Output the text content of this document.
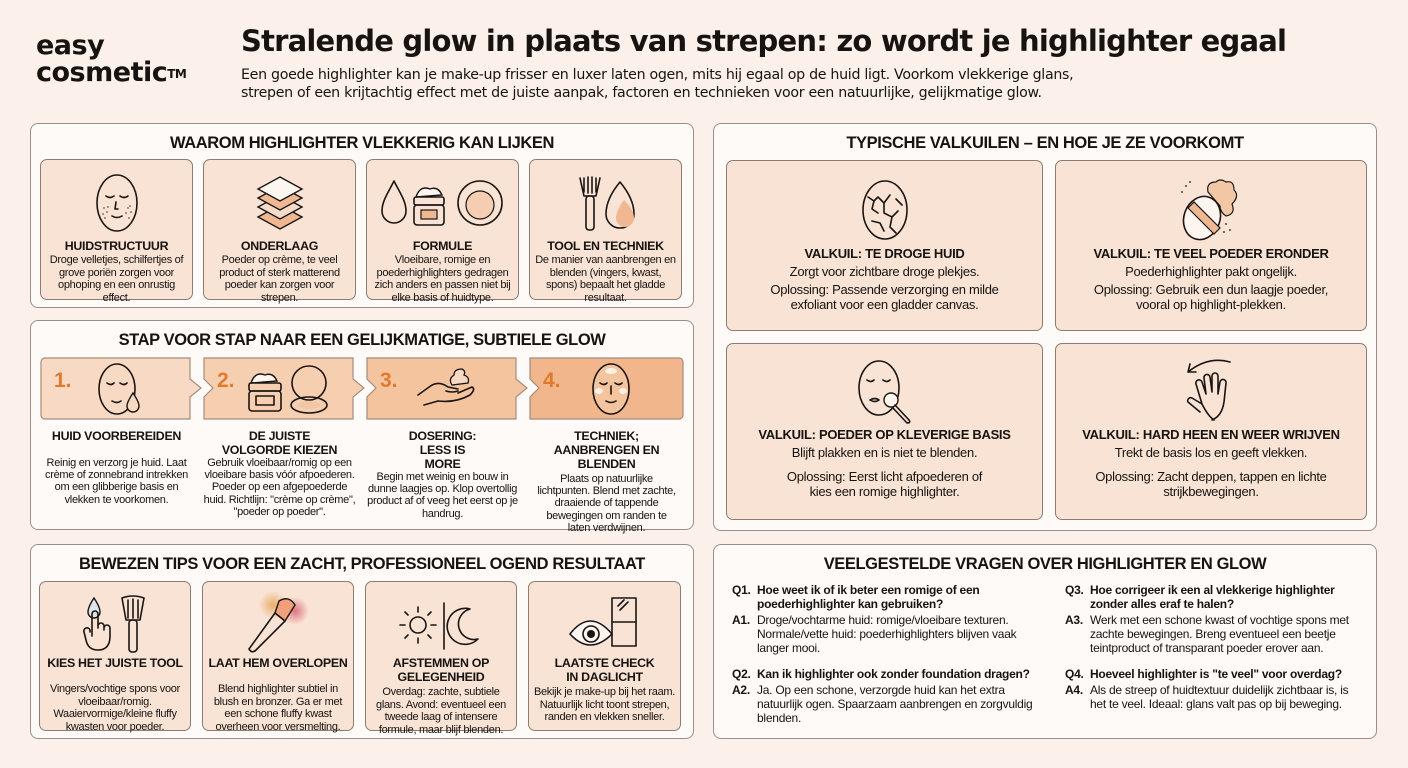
easy
cosmetic™
Stralende glow in plaats van strepen: zo wordt je highlighter egaal
Een goede highlighter kan je make-up frisser en luxer laten ogen, mits hij egaal op de huid ligt. Voorkom vlekkerige glans,
strepen of een krijtachtig effect met de juiste aanpak, factoren en technieken voor een natuurlijke, gelijkmatige glow.
WAAROM HIGHLIGHTER VLEKKERIG KAN LIJKEN
HUIDSTRUCTUUR
Droge velletjes, schilfertjes of grove poriën zorgen voor ophoping en een onrustig effect.
ONDERLAAG
Poeder op crème, te veel product of sterk matterend poeder kan zorgen voor strepen.
FORMULE
Vloeibare, romige en poederhighlighters gedragen zich anders en passen niet bij elke basis of huidtype.
TOOL EN TECHNIEK
De manier van aanbrengen en blenden (vingers, kwast, spons) bepaalt het gladde resultaat.
STAP VOOR STAP NAAR EEN GELIJKMATIGE, SUBTIELE GLOW
1.	2.	3.	4.
HUID VOORBEREIDEN
Reinig en verzorg je huid. Laat crème of zonnebrand intrekken om een glibberige basis en vlekken te voorkomen.
DE JUISTE VOLGORDE KIEZEN
Gebruik vloeibaar/romig op een vloeibare basis vóór afpoederen. Poeder op een afgepoederde huid. Richtlijn: "crème op crème", "poeder op poeder".
DOSERING: LESS IS MORE
Begin met weinig en bouw in dunne laagjes op. Klop overtollig product af of veeg het eerst op je handrug.
TECHNIEK; AANBRENGEN EN BLENDEN
Plaats op natuurlijke lichtpunten. Blend met zachte, draaiende of tappende bewegingen om randen te laten verdwijnen.
BEWEZEN TIPS VOOR EEN ZACHT, PROFESSIONEEL OGEND RESULTAAT
KIES HET JUISTE TOOL
Vingers/vochtige spons voor vloeibaar/romig. Waaiervormige/kleine fluffy kwasten voor poeder.
LAAT HEM OVERLOPEN
Blend highlighter subtiel in blush en bronzer. Ga er met een schone fluffy kwast overheen voor versmelting.
AFSTEMMEN OP GELEGENHEID
Overdag: zachte, subtiele glans. Avond: eventueel een tweede laag of intensere formule, maar blijf blenden.
LAATSTE CHECK IN DAGLICHT
Bekijk je make-up bij het raam. Natuurlijk licht toont strepen, randen en vlekken sneller.
TYPISCHE VALKUILEN – EN HOE JE ZE VOORKOMT
VALKUIL: TE DROGE HUID
Zorgt voor zichtbare droge plekjes.
Oplossing: Passende verzorging en milde exfoliant voor een gladder canvas.
VALKUIL: TE VEEL POEDER ERONDER
Poederhighlighter pakt ongelijk.
Oplossing: Gebruik een dun laagje poeder, vooral op highlight-plekken.
VALKUIL: POEDER OP KLEVERIGE BASIS
Blijft plakken en is niet te blenden.
Oplossing: Eerst licht afpoederen of kies een romige highlighter.
VALKUIL: HARD HEEN EN WEER WRIJVEN
Trekt de basis los en geeft vlekken.
Oplossing: Zacht deppen, tappen en lichte strijkbewegingen.
VEELGESTELDE VRAGEN OVER HIGHLIGHTER EN GLOW
Q1. Hoe weet ik of ik beter een romige of een poederhighlighter kan gebruiken?
A1. Droge/vochtarme huid: romige/vloeibare texturen. Normale/vette huid: poederhighlighters blijven vaak langer mooi.
Q2. Kan ik highlighter ook zonder foundation dragen?
A2. Ja. Op een schone, verzorgde huid kan het extra natuurlijk ogen. Spaarzaam aanbrengen en zorgvuldig blenden.
Q3. Hoe corrigeer ik een al vlekkerige highlighter zonder alles eraf te halen?
A3. Werk met een schone kwast of vochtige spons met zachte bewegingen. Breng eventueel een beetje teintproduct of transparant poeder erover aan.
Q4. Hoeveel highlighter is "te veel" voor overdag?
A4. Als de streep of huidtextuur duidelijk zichtbaar is, is het te veel. Ideaal: glans valt pas op bij beweging.
